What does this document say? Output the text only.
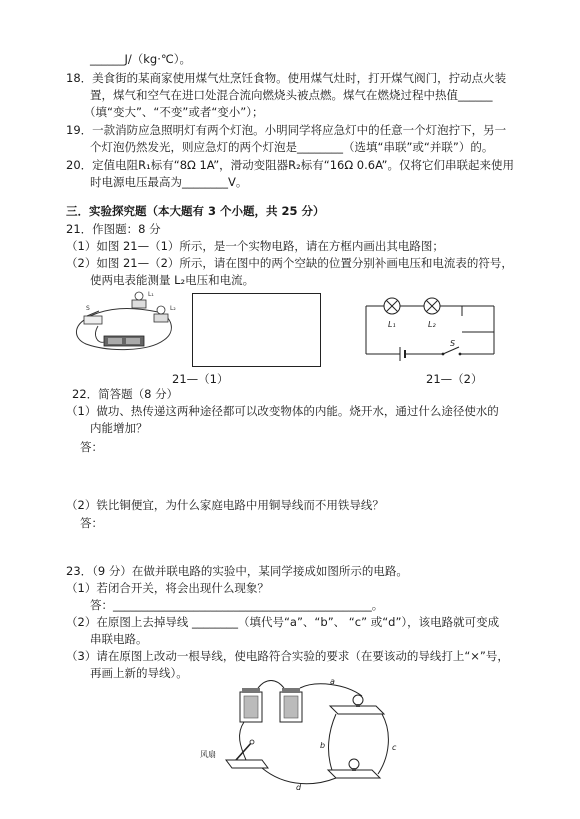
______J/（kg·℃）。
18．美食街的某商家使用煤气灶烹饪食物。使用煤气灶时，打开煤气阀门，拧动点火装
置，煤气和空气在进口处混合流向燃烧头被点燃。煤气在燃烧过程中热值______
（填“变大”、“不变”或者“变小”）；
19．一款消防应急照明灯有两个灯泡。小明同学将应急灯中的任意一个灯泡拧下，另一
个灯泡仍然发光，则应急灯的两个灯泡是________（选填“串联”或“并联”）的。
20．定值电阻R₁标有“8Ω 1A”，滑动变阻器R₂标有“16Ω 0.6A”。仅将它们串联起来使用
时电源电压最高为________V。
三．实验探究题（本大题有 3 个小题，共 25 分）
21．作图题：8 分
（1）如图 21—（1）所示，是一个实物电路，请在方框内画出其电路图；
（2）如图 21—（2）所示，请在图中的两个空缺的位置分别补画电压和电流表的符号，
使两电表能测量 L₂电压和电流。
L₁
L₂
S
21—（1）
L₁	L₂
S
21—（2）
22．简答题（8 分）
（1）做功、热传递这两种途径都可以改变物体的内能。烧开水，通过什么途径使水的
内能增加？
答：
（2）铁比铜便宜，为什么家庭电路中用铜导线而不用铁导线？
答：
23．（9 分）在做并联电路的实验中，某同学接成如图所示的电路。
（1）若闭合开关，将会出现什么现象？
答：_____________________________________________。
（2）在原图上去掉导线 ________（填代号“a”、“b”、 “c” 或“d”），该电路就可变成
串联电路。
（3）请在原图上改动一根导线，使电路符合实验的要求（在要该动的导线打上“×”号，
再画上新的导线）。
a
b	c
风扇
d
